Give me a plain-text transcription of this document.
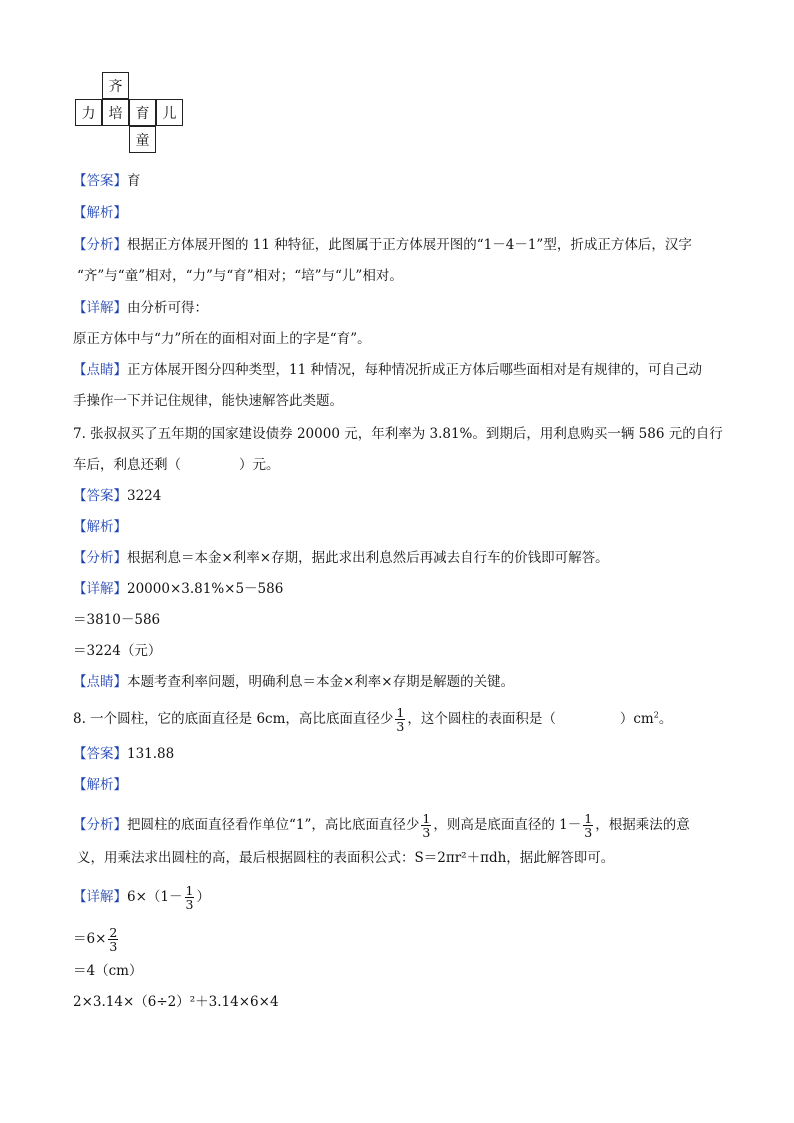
齐
力 培 育 儿
童
【答案】育
【解析】
【分析】根据正方体展开图的 11 种特征，此图属于正方体展开图的“1－4－1”型，折成正方体后，汉字
“齐”与“童”相对，“力”与“育”相对；“培”与“儿”相对。
【详解】由分析可得：
原正方体中与“力”所在的面相对面上的字是“育”。
【点睛】正方体展开图分四种类型，11 种情况，每种情况折成正方体后哪些面相对是有规律的，可自己动
手操作一下并记住规律，能快速解答此类题。
7. 张叔叔买了五年期的国家建设债券 20000 元，年利率为 3.81%。到期后，用利息购买一辆 586 元的自行
车后，利息还剩（	）元。
【答案】3224
【解析】
【分析】根据利息＝本金×利率×存期，据此求出利息然后再减去自行车的价钱即可解答。
【详解】20000×3.81%×5－586
＝3810－586
＝3224（元）
【点睛】本题考查利率问题，明确利息＝本金×利率×存期是解题的关键。
8. 一个圆柱，它的底面直径是 6cm，高比底面直径少 $\frac{1}{3}$ ，这个圆柱的表面积是（	）$cm^2$。
【答案】131.88
【解析】
【分析】把圆柱的底面直径看作单位“1”，高比底面直径少 $\frac{1}{3}$ ，则高是底面直径的 $1- \frac{1}{3}$ ，根据乘法的意
义，用乘法求出圆柱的高，最后根据圆柱的表面积公式：S＝2πr²＋πdh，据此解答即可。
【详解】$6\times(1- \frac{1}{3}$ ）
$=6\times \frac{2}{3}$
＝4（cm）
2×3.14×（6÷2）²＋3.14×6×4
